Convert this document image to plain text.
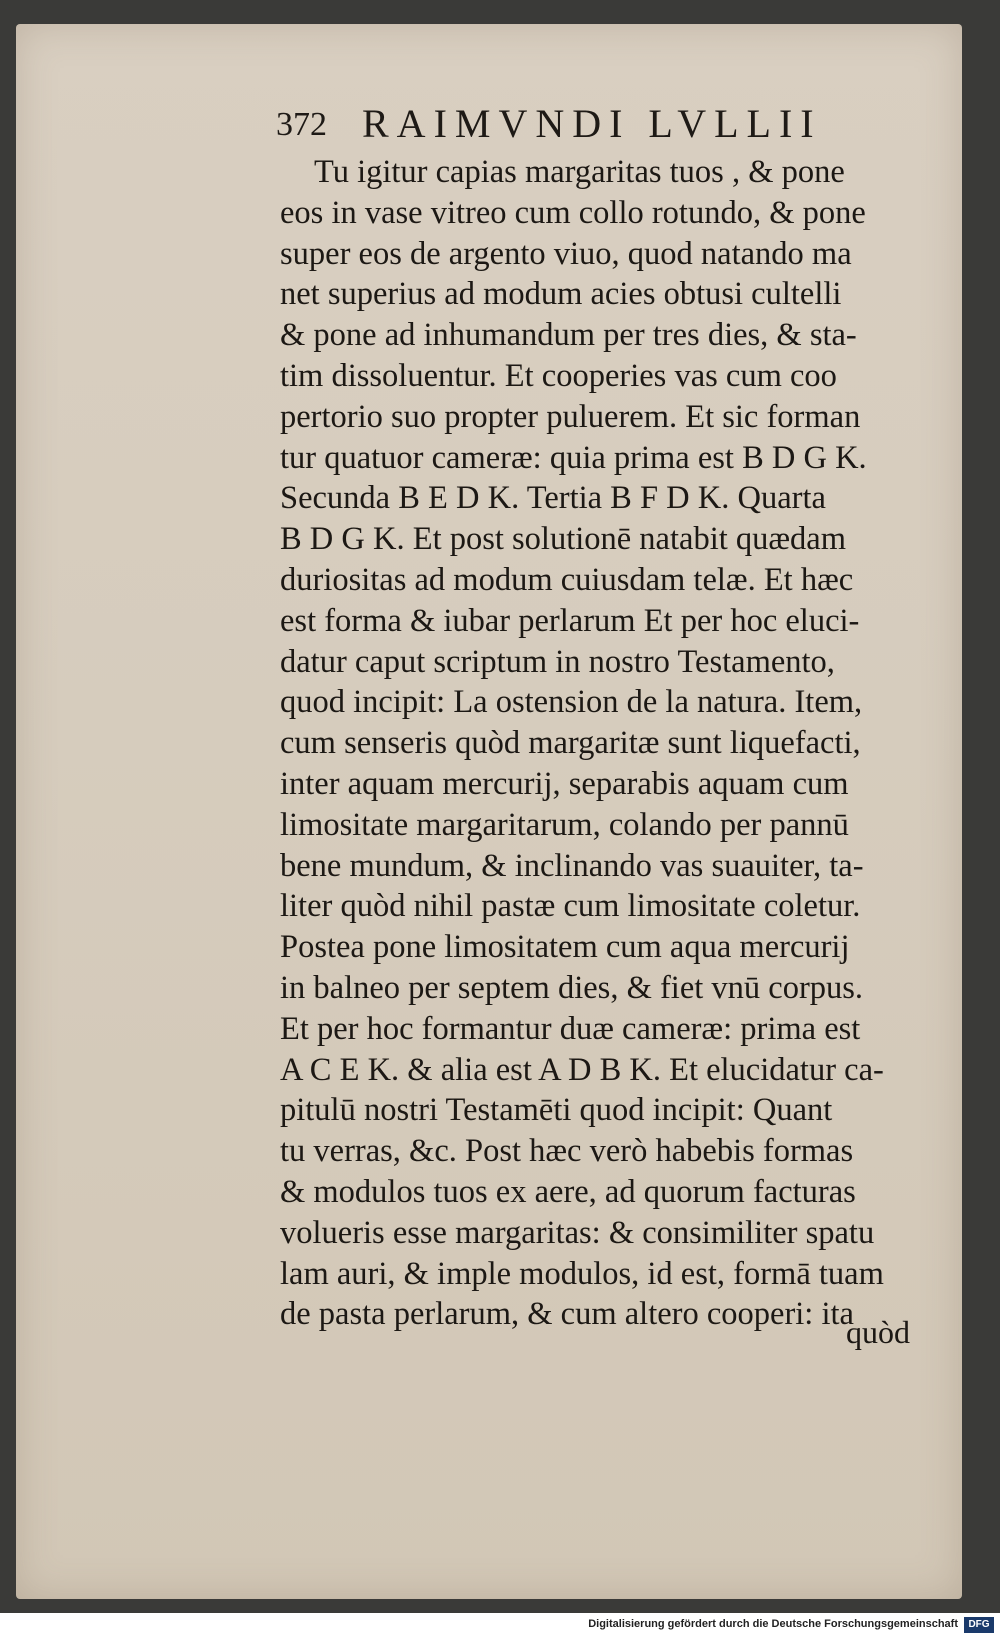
372 RAIMVNDI LVLLII
Tu igitur capias margaritas tuos , & pone
eos in vase vitreo cum collo rotundo, & pone
super eos de argento viuo, quod natando ma
net superius ad modum acies obtusi cultelli
& pone ad inhumandum per tres dies, & sta-
tim dissoluentur. Et cooperies vas cum coo
pertorio suo propter puluerem. Et sic forman
tur quatuor cameræ: quia prima est B D G K.
Secunda B E D K. Tertia B F D K. Quarta
B D G K. Et post solutionē natabit quædam
duriositas ad modum cuiusdam telæ. Et hæc
est forma & iubar perlarum Et per hoc eluci-
datur caput scriptum in nostro Testamento,
quod incipit: La ostension de la natura. Item,
cum senseris quòd margaritæ sunt liquefacti,
inter aquam mercurij, separabis aquam cum
limositate margaritarum, colando per pannū
bene mundum, & inclinando vas suauiter, ta-
liter quòd nihil pastæ cum limositate coletur.
Postea pone limositatem cum aqua mercurij
in balneo per septem dies, & fiet vnū corpus.
Et per hoc formantur duæ cameræ: prima est
A C E K. & alia est A D B K. Et elucidatur ca-
pitulū nostri Testamēti quod incipit: Quant
tu verras, &c. Post hæc verò habebis formas
& modulos tuos ex aere, ad quorum facturas
volueris esse margaritas: & consimiliter spatu
lam auri, & imple modulos, id est, formā tuam
de pasta perlarum, & cum altero cooperi: ita
quòd
Digitalisierung gefördert durch die Deutsche Forschungsgemeinschaft	DFG
